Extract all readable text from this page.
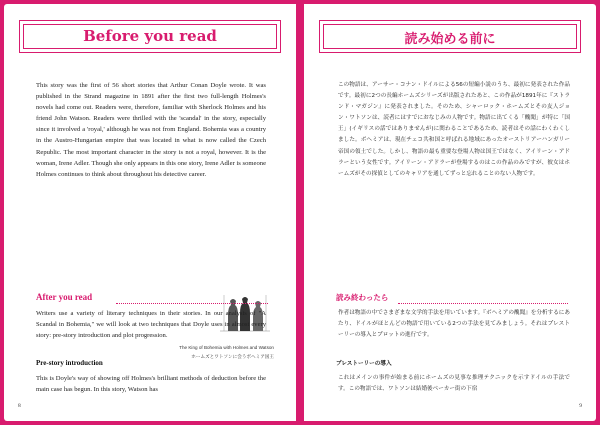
Before you read
This story was the first of 56 short stories that Arthur Conan Doyle wrote. It was published in the Strand magazine in 1891 after the first two full-length Holmes's novels had come out. Readers were, therefore, familiar with Sherlock Holmes and his friend John Watson. Readers were thrilled with the 'scandal' in the story, especially since it involved a 'royal,' although he was not from England. Bohemia was a country in the Austro-Hungarian empire that was located in what is now called the Czech Republic. The most important character in the story is not a royal, however. It is the woman, Irene Adler. Though she only appears in this one story, Irene Adler is someone Holmes continues to think about throughout his detective career.
The King of Bohemia with Holmes and Watson
ホームズとワトソンに会うボヘミア国王
After you read
Writers use a variety of literary techniques in their stories. In our analysis of "A Scandal in Bohemia," we will look at two techniques that Doyle uses in almost every story: pre-story introduction and plot progression.
Pre-story introduction
This is Doyle's way of showing off Holmes's brilliant methods of deduction before the main case has begun. In this story, Watson has
8
読み始める前に
この物語は、アーサー・コナン・ドイルによる56の短編小説のうち、最初に発表された作品です。最初に2つの長編ホームズシリーズが出版されたあと、この作品が1891年に『ストランド・マガジン』に発表されました。そのため、シャーロック・ホームズとその友人ジョン・ワトソンは、読者にはすでにおなじみの人物です。物語に出てくる「醜聞」が特に「国王」(イギリスの話ではありませんが)に関わることであるため、読者はその話にわくわくしました。ボヘミアは、現在チェコ共和国と呼ばれる地域にあったオーストリアーハンガリー帝国の領土でした。しかし、物語の最も重要な登場人物は国王ではなく、アイリーン・アドラーという女性です。アイリーン・アドラーが登場するのはこの作品のみですが、彼女はホームズがその探偵としてのキャリアを通してずっと忘れることのない人物です。
読み終わったら
作者は物語の中でさまざまな文学的手法を用いています。『ボヘミアの醜聞』を分析するにあたり、ドイルがほとんどの物語で用いている2つの手法を見てみましょう。それはプレストーリーの導入とプロットの進行です。
プレストーリーの導入
これはメインの事件が始まる前にホームズの見事な推理テクニックを示すドイルの手法です。この物語では、ワトソンは結婚後ベーカー街の下宿
9
